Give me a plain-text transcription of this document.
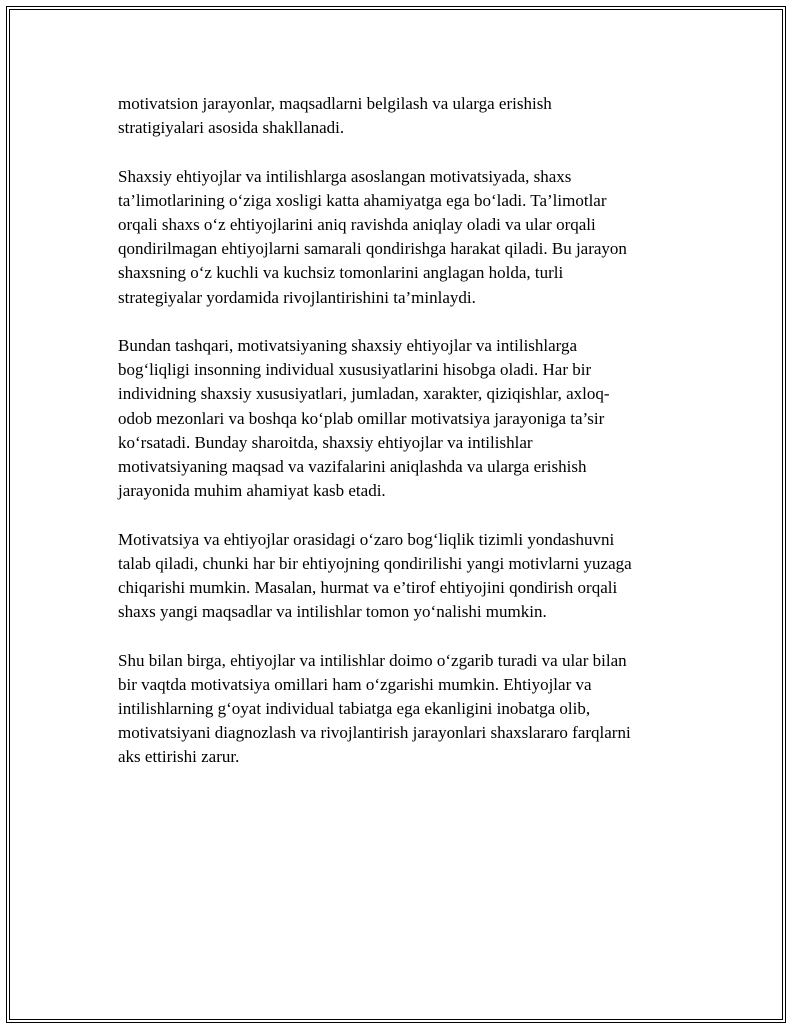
motivatsion jarayonlar, maqsadlarni belgilash va ularga erishish
stratigiyalari asosida shakllanadi.

Shaxsiy ehtiyojlar va intilishlarga asoslangan motivatsiyada, shaxs
ta’limotlarining o‘ziga xosligi katta ahamiyatga ega bo‘ladi. Ta’limotlar
orqali shaxs o‘z ehtiyojlarini aniq ravishda aniqlay oladi va ular orqali
qondirilmagan ehtiyojlarni samarali qondirishga harakat qiladi. Bu jarayon
shaxsning o‘z kuchli va kuchsiz tomonlarini anglagan holda, turli
strategiyalar yordamida rivojlantirishini ta’minlaydi.

Bundan tashqari, motivatsiyaning shaxsiy ehtiyojlar va intilishlarga
bog‘liqligi insonning individual xususiyatlarini hisobga oladi. Har bir
individning shaxsiy xususiyatlari, jumladan, xarakter, qiziqishlar, axloq-
odob mezonlari va boshqa ko‘plab omillar motivatsiya jarayoniga ta’sir
ko‘rsatadi. Bunday sharoitda, shaxsiy ehtiyojlar va intilishlar
motivatsiyaning maqsad va vazifalarini aniqlashda va ularga erishish
jarayonida muhim ahamiyat kasb etadi.

Motivatsiya va ehtiyojlar orasidagi o‘zaro bog‘liqlik tizimli yondashuvni
talab qiladi, chunki har bir ehtiyojning qondirilishi yangi motivlarni yuzaga
chiqarishi mumkin. Masalan, hurmat va e’tirof ehtiyojini qondirish orqali
shaxs yangi maqsadlar va intilishlar tomon yo‘nalishi mumkin.

Shu bilan birga, ehtiyojlar va intilishlar doimo o‘zgarib turadi va ular bilan
bir vaqtda motivatsiya omillari ham o‘zgarishi mumkin. Ehtiyojlar va
intilishlarning g‘oyat individual tabiatga ega ekanligini inobatga olib,
motivatsiyani diagnozlash va rivojlantirish jarayonlari shaxslararo farqlarni
aks ettirishi zarur.
